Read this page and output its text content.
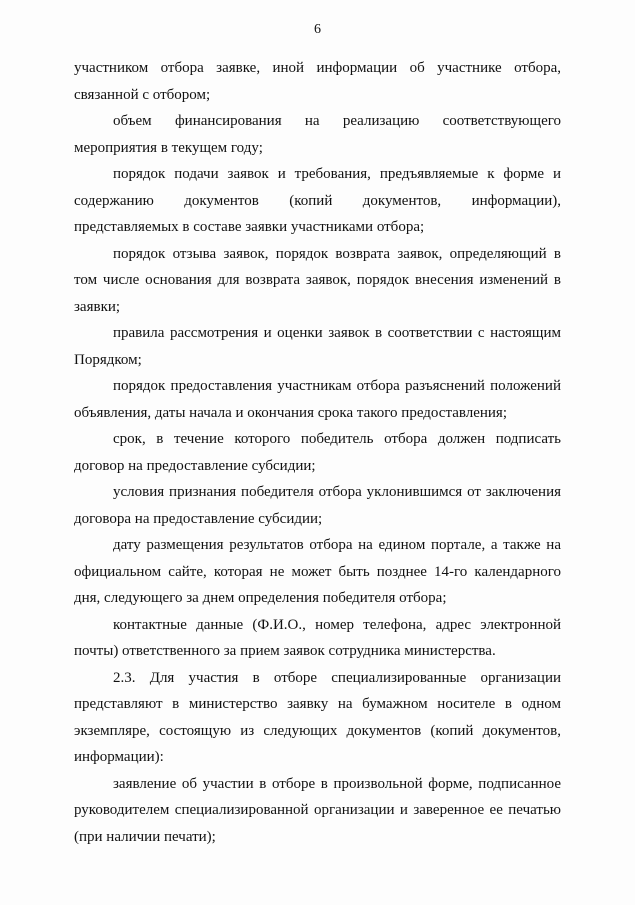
6

участником отбора заявке, иной информации об участнике отбора, связанной с отбором;

объем финансирования на реализацию соответствующего мероприятия в текущем году;

порядок подачи заявок и требования, предъявляемые к форме и содержанию документов (копий документов, информации), представляемых в составе заявки участниками отбора;

порядок отзыва заявок, порядок возврата заявок, определяющий в том числе основания для возврата заявок, порядок внесения изменений в заявки;

правила рассмотрения и оценки заявок в соответствии с настоящим Порядком;

порядок предоставления участникам отбора разъяснений положений объявления, даты начала и окончания срока такого предоставления;

срок, в течение которого победитель отбора должен подписать договор на предоставление субсидии;

условия признания победителя отбора уклонившимся от заключения договора на предоставление субсидии;

дату размещения результатов отбора на едином портале, а также на официальном сайте, которая не может быть позднее 14-го календарного дня, следующего за днем определения победителя отбора;

контактные данные (Ф.И.О., номер телефона, адрес электронной почты) ответственного за прием заявок сотрудника министерства.

2.3. Для участия в отборе специализированные организации представляют в министерство заявку на бумажном носителе в одном экземпляре, состоящую из следующих документов (копий документов, информации):

заявление об участии в отборе в произвольной форме, подписанное руководителем специализированной организации и заверенное ее печатью (при наличии печати);
